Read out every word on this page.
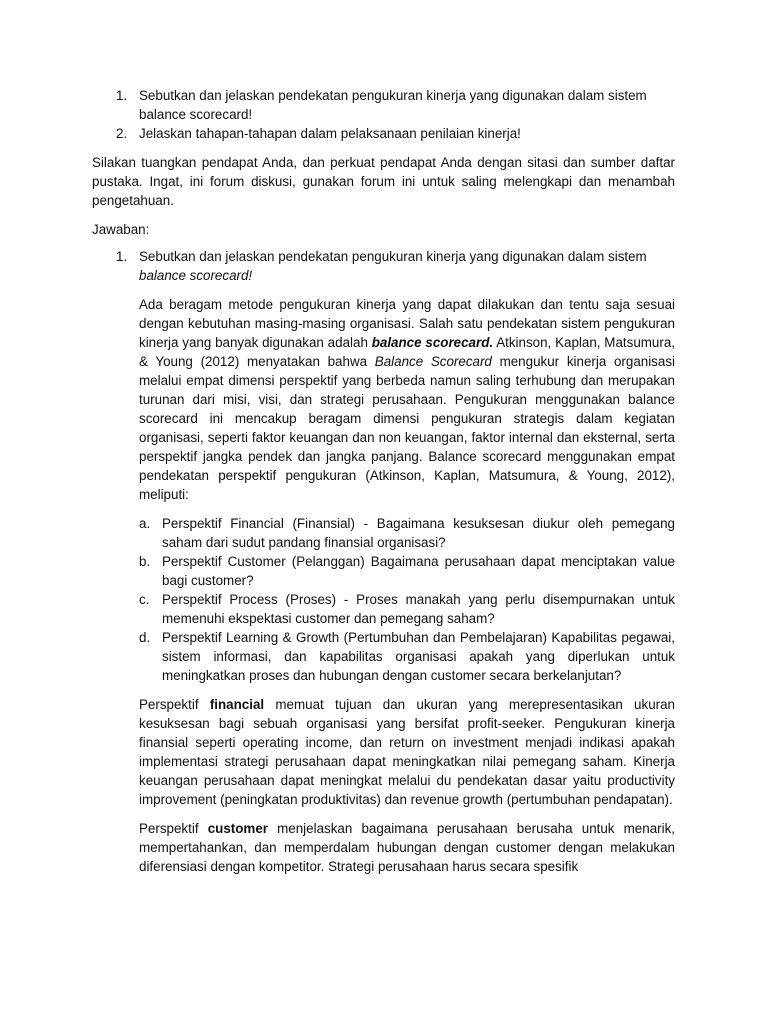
1. Sebutkan dan jelaskan pendekatan pengukuran kinerja yang digunakan dalam sistem balance scorecard!
2. Jelaskan tahapan-tahapan dalam pelaksanaan penilaian kinerja!

Silakan tuangkan pendapat Anda, dan perkuat pendapat Anda dengan sitasi dan sumber daftar pustaka. Ingat, ini forum diskusi, gunakan forum ini untuk saling melengkapi dan menambah pengetahuan.

Jawaban:

1. Sebutkan dan jelaskan pendekatan pengukuran kinerja yang digunakan dalam sistem balance scorecard!

Ada beragam metode pengukuran kinerja yang dapat dilakukan dan tentu saja sesuai dengan kebutuhan masing-masing organisasi. Salah satu pendekatan sistem pengukuran kinerja yang banyak digunakan adalah balance scorecard. Atkinson, Kaplan, Matsumura, & Young (2012) menyatakan bahwa Balance Scorecard mengukur kinerja organisasi melalui empat dimensi perspektif yang berbeda namun saling terhubung dan merupakan turunan dari misi, visi, dan strategi perusahaan. Pengukuran menggunakan balance scorecard ini mencakup beragam dimensi pengukuran strategis dalam kegiatan organisasi, seperti faktor keuangan dan non keuangan, faktor internal dan eksternal, serta perspektif jangka pendek dan jangka panjang. Balance scorecard menggunakan empat pendekatan perspektif pengukuran (Atkinson, Kaplan, Matsumura, & Young, 2012), meliputi:

a. Perspektif Financial (Finansial) - Bagaimana kesuksesan diukur oleh pemegang saham dari sudut pandang finansial organisasi?
b. Perspektif Customer (Pelanggan) Bagaimana perusahaan dapat menciptakan value bagi customer?
c. Perspektif Process (Proses) - Proses manakah yang perlu disempurnakan untuk memenuhi ekspektasi customer dan pemegang saham?
d. Perspektif Learning & Growth (Pertumbuhan dan Pembelajaran) Kapabilitas pegawai, sistem informasi, dan kapabilitas organisasi apakah yang diperlukan untuk meningkatkan proses dan hubungan dengan customer secara berkelanjutan?

Perspektif financial memuat tujuan dan ukuran yang merepresentasikan ukuran kesuksesan bagi sebuah organisasi yang bersifat profit-seeker. Pengukuran kinerja finansial seperti operating income, dan return on investment menjadi indikasi apakah implementasi strategi perusahaan dapat meningkatkan nilai pemegang saham. Kinerja keuangan perusahaan dapat meningkat melalui du pendekatan dasar yaitu productivity improvement (peningkatan produktivitas) dan revenue growth (pertumbuhan pendapatan).

Perspektif customer menjelaskan bagaimana perusahaan berusaha untuk menarik, mempertahankan, dan memperdalam hubungan dengan customer dengan melakukan diferensiasi dengan kompetitor. Strategi perusahaan harus secara spesifik
